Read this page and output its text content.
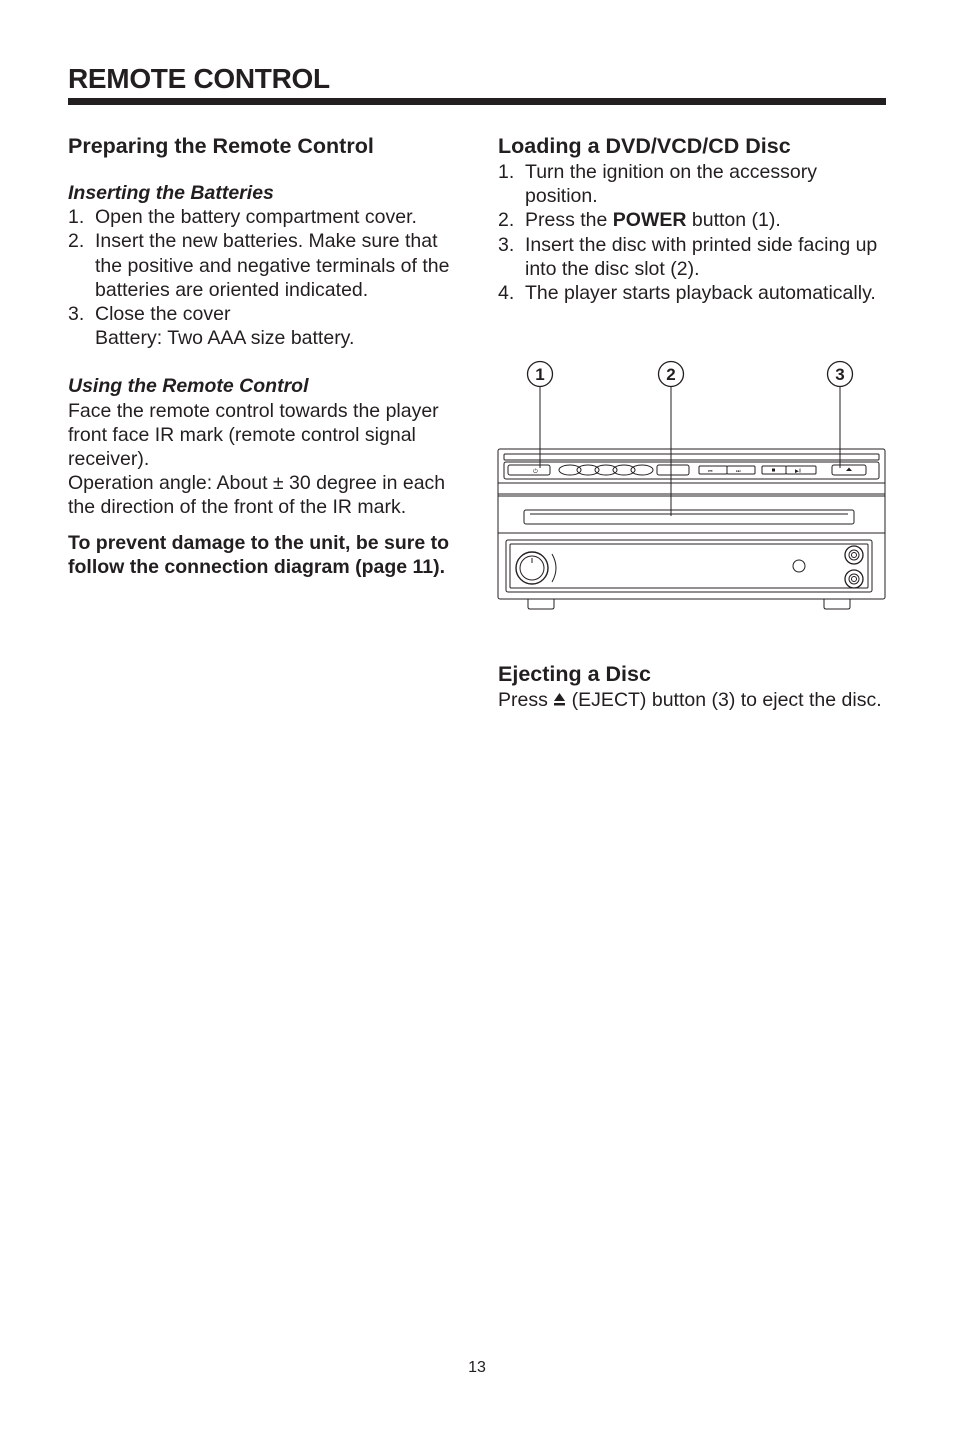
REMOTE CONTROL
Preparing the Remote Control

Inserting the Batteries

1. Open the battery compartment cover.
2. Insert the new batteries. Make sure that the positive and negative terminals of the batteries are oriented indicated.
3. Close the cover

Battery: Two AAA size battery.

Using the Remote Control

Face the remote control towards the player front face IR mark (remote control signal receiver).

Operation angle: About ± 30 degree in each the direction of the front of the IR mark.

To prevent damage to the unit, be sure to follow the connection diagram (page 11).

Loading a DVD/VCD/CD Disc
1. Turn the ignition on the accessory position.
2. Press the POWER button (1).
3. Insert the disc with printed side facing up into the disc slot (2).
4. The player starts playback automatically.
1	2	3
⏻	⏮	⏭	▶‖
Ejecting a Disc

Press  (EJECT) button (3) to eject the disc.

13
